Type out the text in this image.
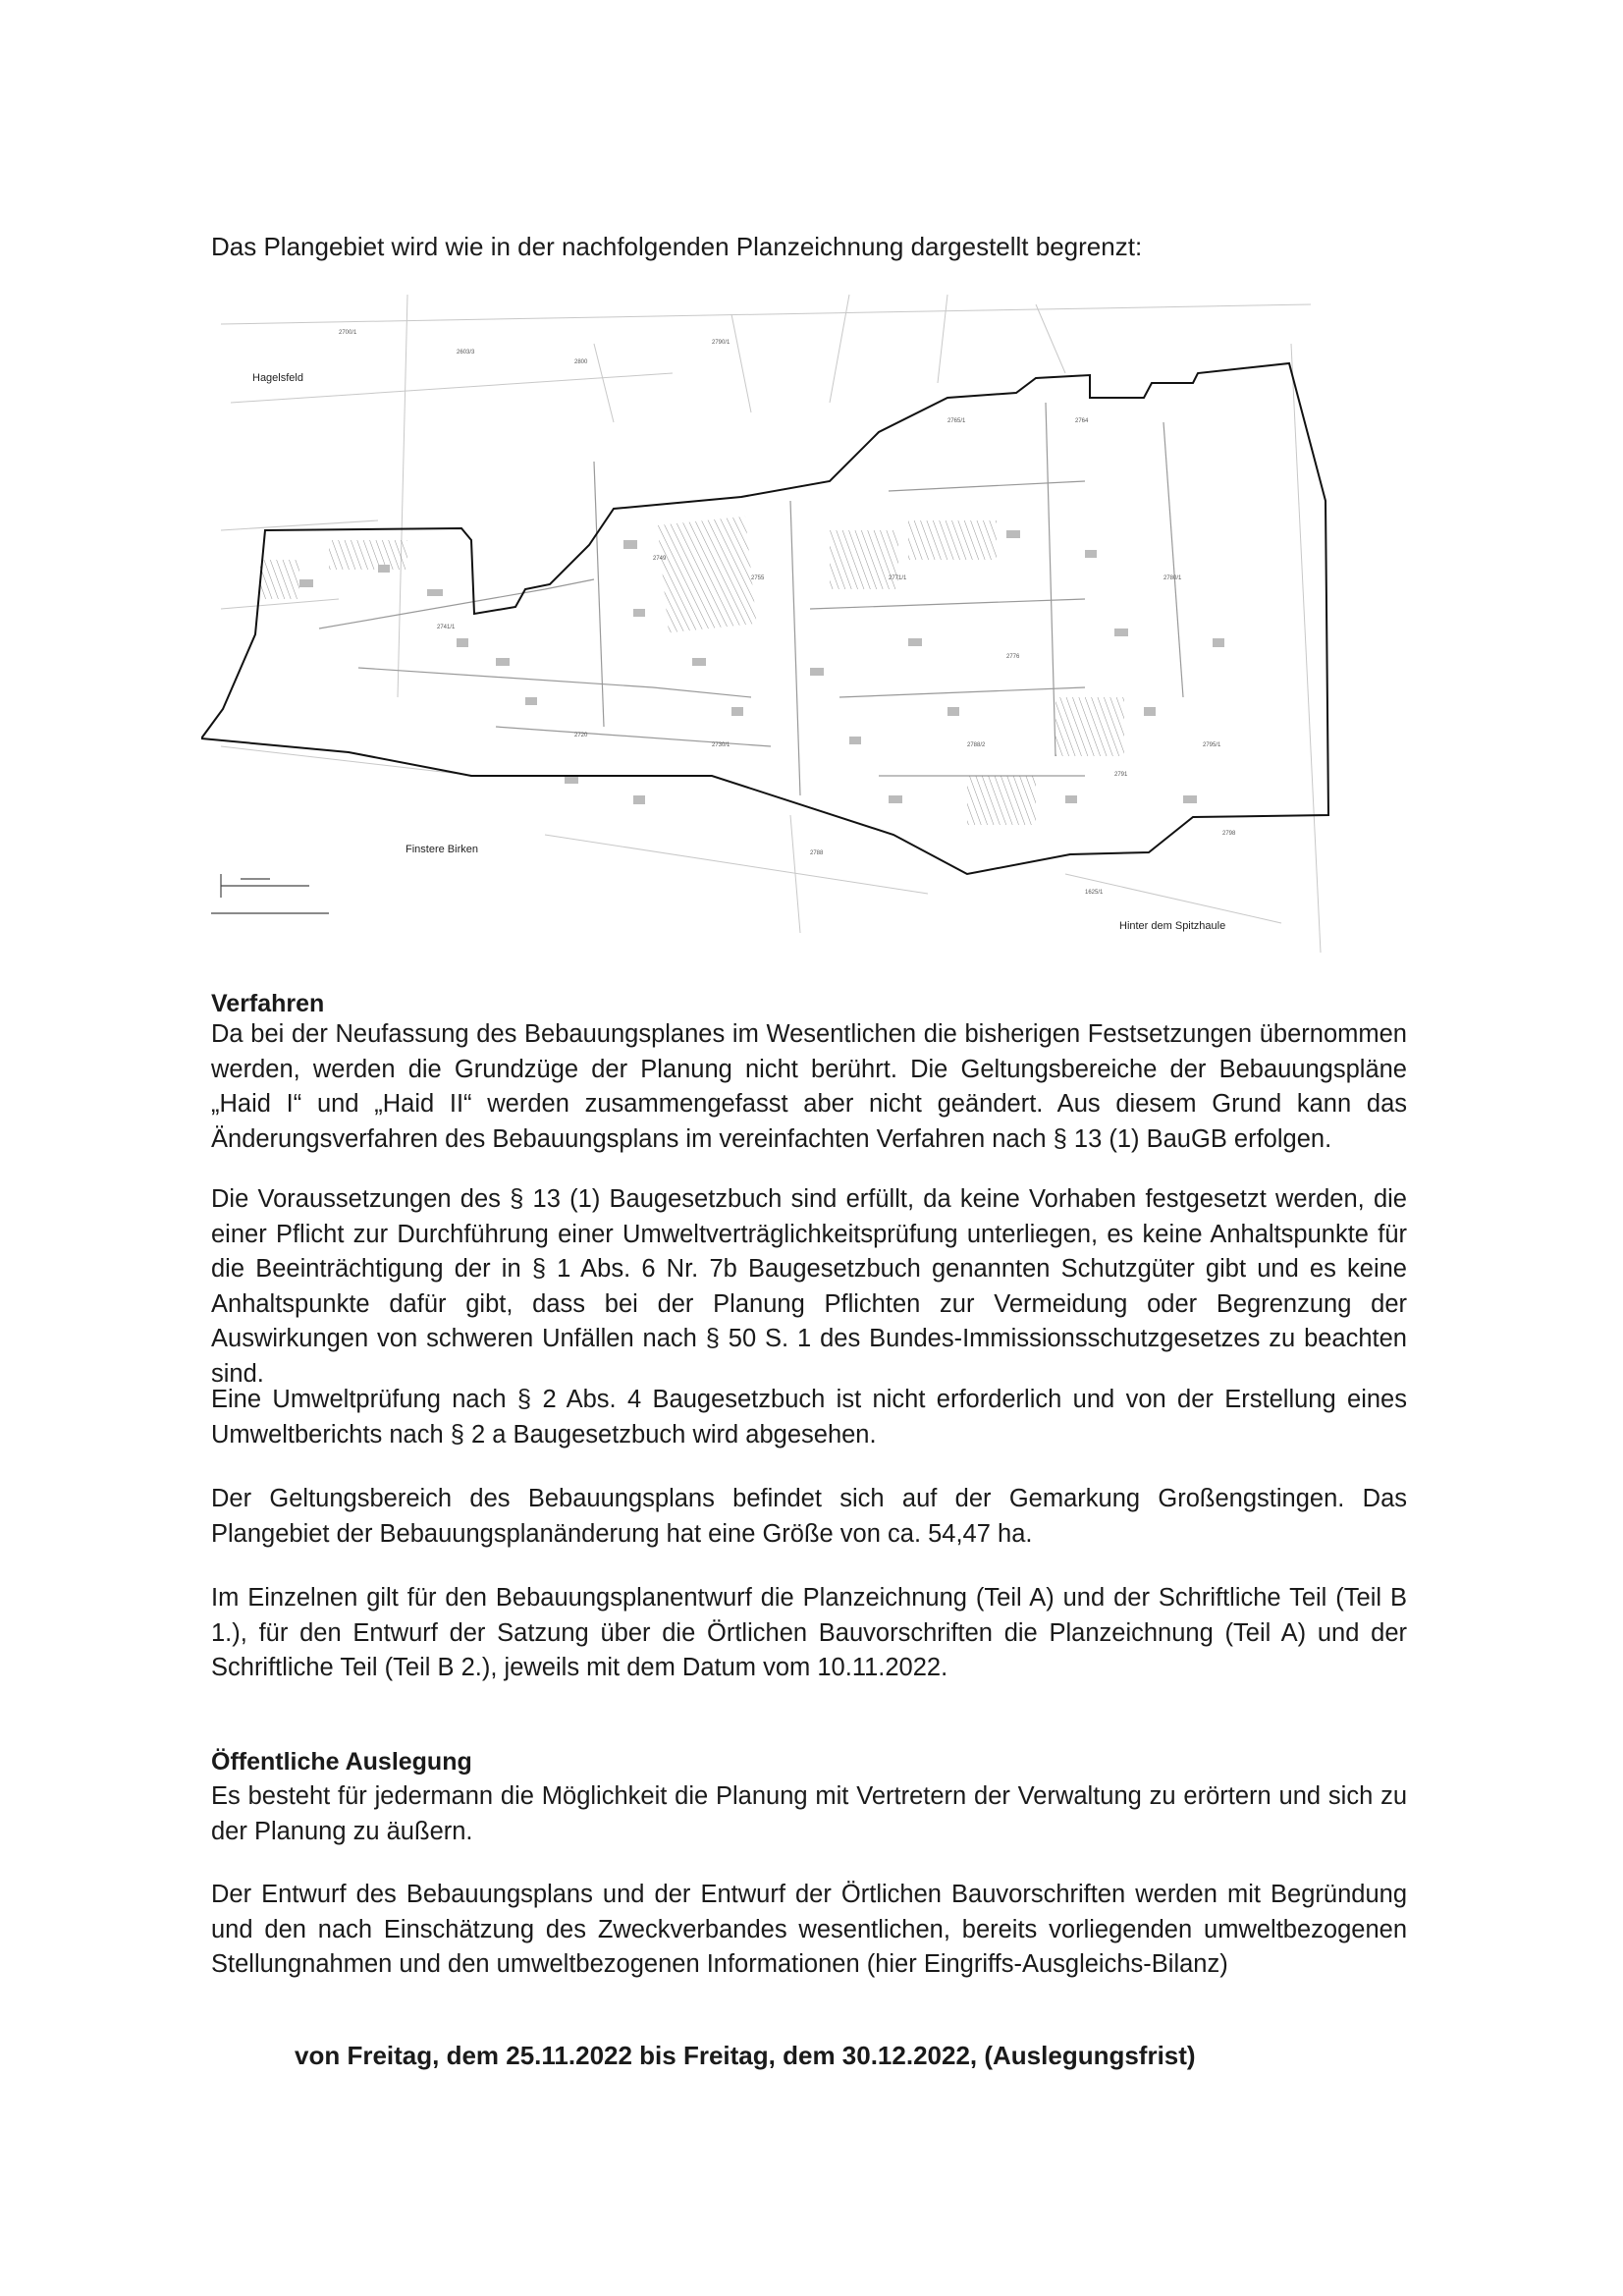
Das Plangebiet wird wie in der nachfolgenden Planzeichnung dargestellt begrenzt:
2700/1
2603/3
2800
2790/1
2765/1	2764
2749
2755	2771/1
2776
2780/1
2741/1
2720
2730/1	2788/2
2791
2795/1
2798
2788
1625/1
Hagelsfeld
Finstere Birken
Hinter dem Spitzhaule
Verfahren

Da bei der Neufassung des Bebauungsplanes im Wesentlichen die bisherigen Festsetzungen übernommen werden, werden die Grundzüge der Planung nicht berührt. Die Geltungsbereiche der Bebauungspläne „Haid I“ und „Haid II“ werden zusammengefasst aber nicht geändert. Aus diesem Grund kann das Änderungsverfahren des Bebauungsplans im vereinfachten Verfahren nach § 13 (1) BauGB erfolgen.

Die Voraussetzungen des § 13 (1) Baugesetzbuch sind erfüllt, da keine Vorhaben festgesetzt werden, die einer Pflicht zur Durchführung einer Umweltverträglichkeitsprüfung unterliegen, es keine Anhaltspunkte für die Beeinträchtigung der in § 1 Abs. 6 Nr. 7b Baugesetzbuch genannten Schutzgüter gibt und es keine Anhaltspunkte dafür gibt, dass bei der Planung Pflichten zur Vermeidung oder Begrenzung der Auswirkungen von schweren Unfällen nach § 50 S. 1 des Bundes-Immissionsschutzgesetzes zu beachten sind.

Eine Umweltprüfung nach § 2 Abs. 4 Baugesetzbuch ist nicht erforderlich und von der Erstellung eines Umweltberichts nach § 2 a Baugesetzbuch wird abgesehen.

Der Geltungsbereich des Bebauungsplans befindet sich auf der Gemarkung Großengstingen. Das Plangebiet der Bebauungsplanänderung hat eine Größe von ca. 54,47 ha.

Im Einzelnen gilt für den Bebauungsplanentwurf die Planzeichnung (Teil A) und der Schriftliche Teil (Teil B 1.), für den Entwurf der Satzung über die Örtlichen Bauvorschriften die Planzeichnung (Teil A) und der Schriftliche Teil (Teil B 2.), jeweils mit dem Datum vom 10.11.2022.

Öffentliche Auslegung

Es besteht für jedermann die Möglichkeit die Planung mit Vertretern der Verwaltung zu erörtern und sich zu der Planung zu äußern.

Der Entwurf des Bebauungsplans und der Entwurf der Örtlichen Bauvorschriften werden mit Begründung und den nach Einschätzung des Zweckverbandes wesentlichen, bereits vorliegenden umweltbezogenen Stellungnahmen und den umweltbezogenen Informationen (hier Eingriffs-Ausgleichs-Bilanz)

von Freitag, dem 25.11.2022 bis Freitag, dem 30.12.2022, (Auslegungsfrist)
